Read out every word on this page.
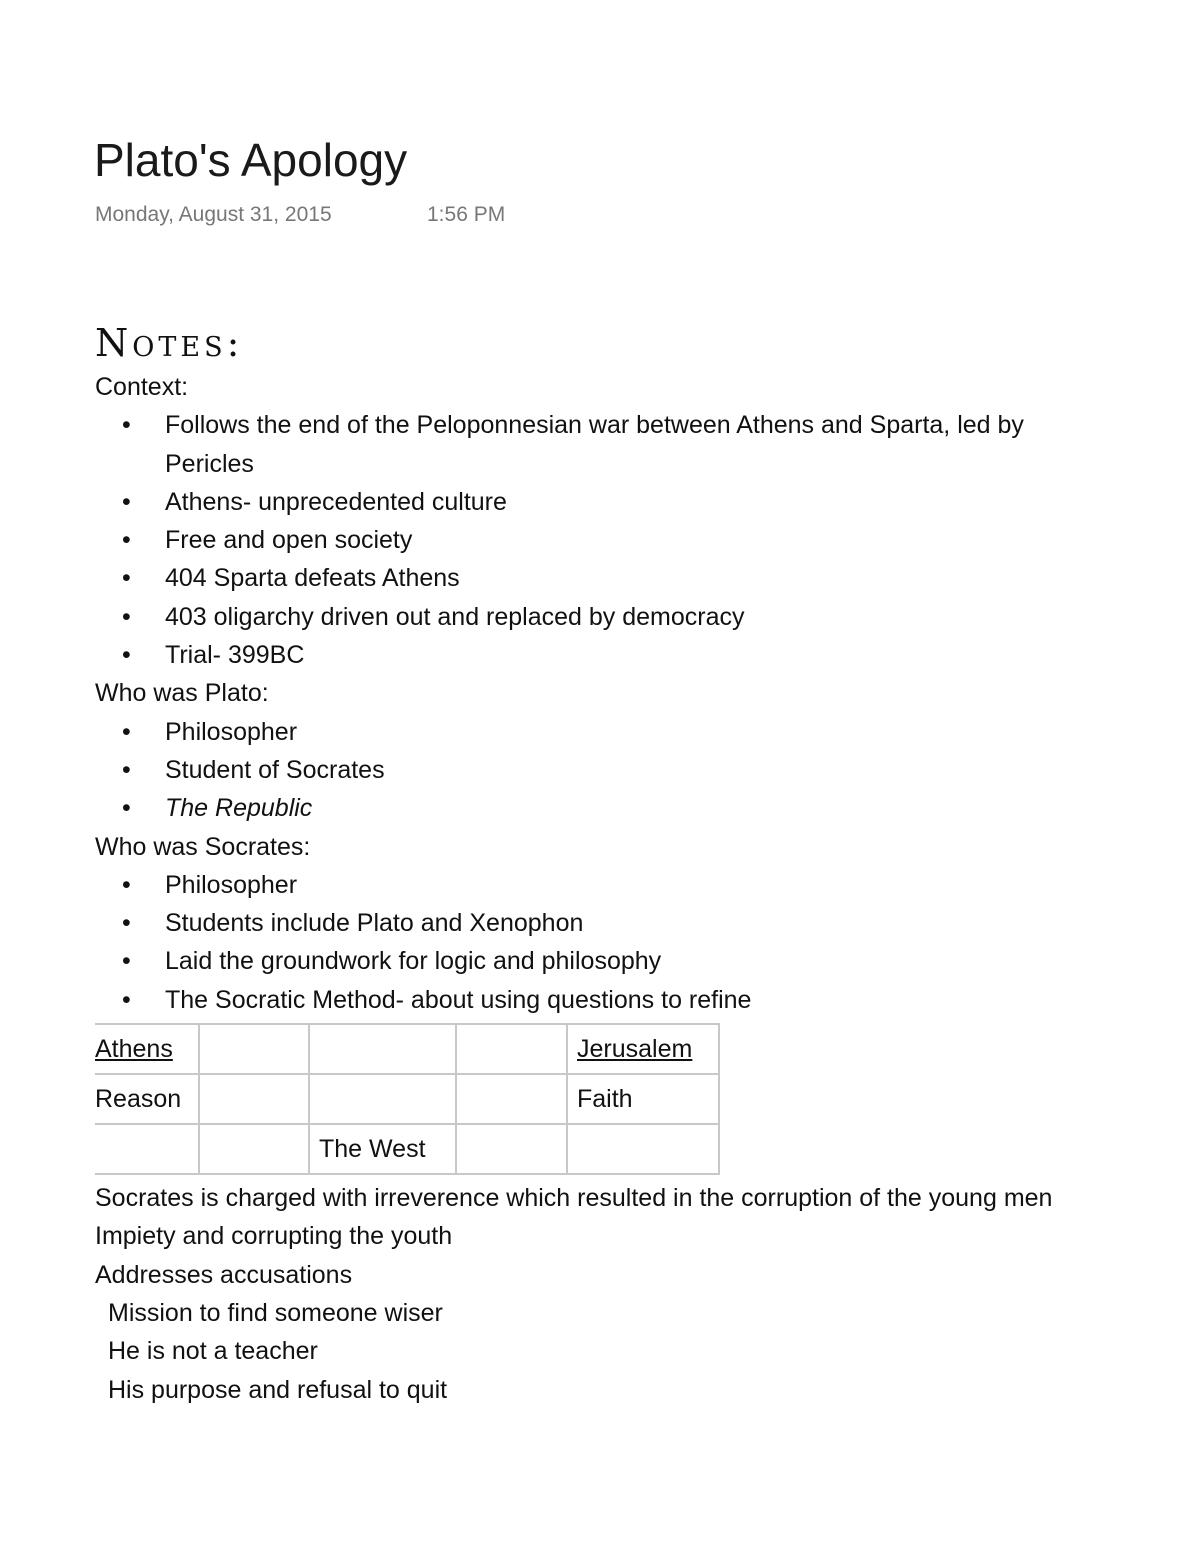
Plato's Apology
Monday, August 31, 2015	1:56 PM
Notes:

Context:

• Follows the end of the Peloponnesian war between Athens and Sparta, led by Pericles
• Athens- unprecedented culture
• Free and open society
• 404 Sparta defeats Athens
• 403 oligarchy driven out and replaced by democracy
• Trial- 399BC

Who was Plato:

• Philosopher
• Student of Socrates
• The Republic

Who was Socrates:

• Philosopher
• Students include Plato and Xenophon
• Laid the groundwork for logic and philosophy
• The Socratic Method- about using questions to refine
Athens				Jerusalem
Reason				Faith
		The West		

Socrates is charged with irreverence which resulted in the corruption of the young men

Impiety and corrupting the youth

Addresses accusations

Mission to find someone wiser

He is not a teacher

His purpose and refusal to quit
